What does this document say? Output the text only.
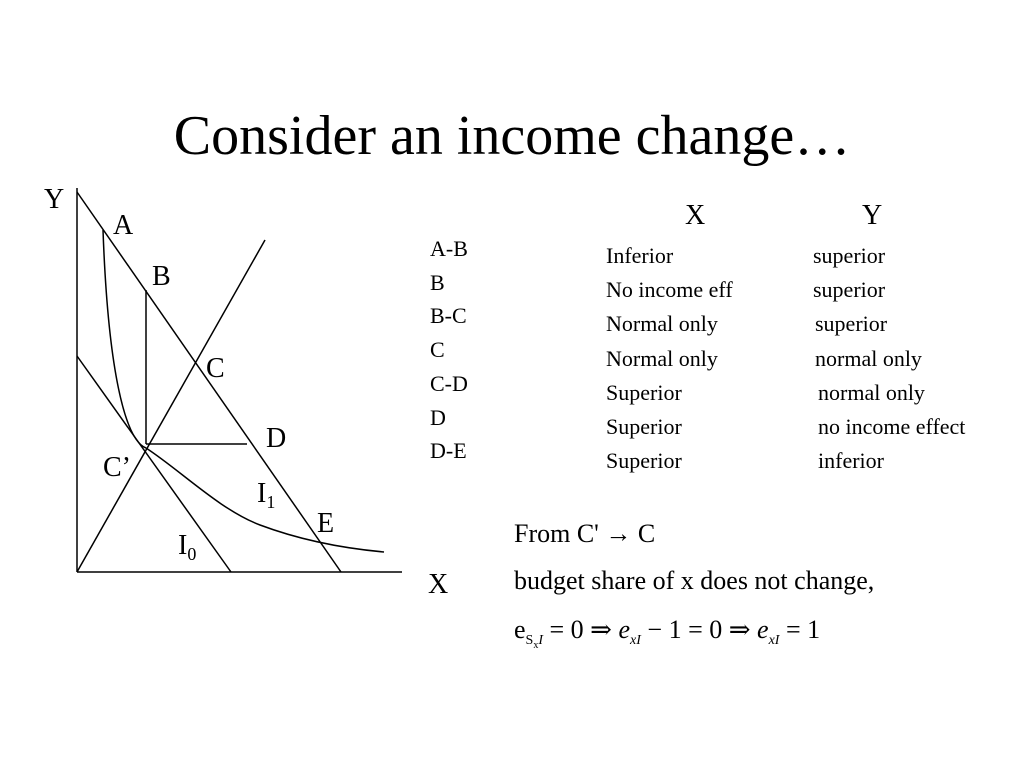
Consider an income change…
Y
X
A
B
C
C’
D
E
$I_1$
$I_0$
A-B
B
B-C
C
C-D
D
D-E
X	Y
Inferior
No income eff
Normal only
Normal only
Superior
Superior
Superior
superior
superior
superior
normal only
normal only
no income effect
inferior
From C' → C
budget share of x does not change,
$e_{S_xI} = 0$ ⇒ $e_{xI} - 1 = 0$ ⇒ $e_{xI} = 1$
